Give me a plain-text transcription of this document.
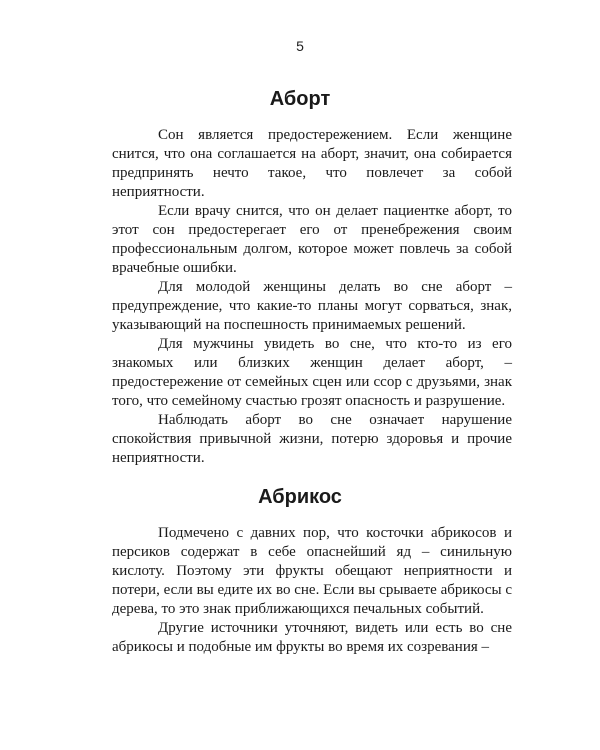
5
Аборт

Сон является предостережением. Если женщине снится, что она соглашается на аборт, значит, она собирается предпринять нечто такое, что повлечет за собой неприятности.

Если врачу снится, что он делает пациентке аборт, то этот сон предостерегает его от пренебрежения своим профессиональным долгом, которое может повлечь за собой врачебные ошибки.

Для молодой женщины делать во сне аборт – предупреждение, что какие-то планы могут сорваться, знак, указывающий на поспешность принимаемых решений.

Для мужчины увидеть во сне, что кто-то из его знакомых или близких женщин делает аборт, – предостережение от семейных сцен или ссор с друзьями, знак того, что семейному счастью грозят опасность и разрушение.

Наблюдать аборт во сне означает нарушение спокойствия привычной жизни, потерю здоровья и прочие неприятности.

Абрикос

Подмечено с давних пор, что косточки абрикосов и персиков содержат в себе опаснейший яд – синильную кислоту. Поэтому эти фрукты обещают неприятности и потери, если вы едите их во сне. Если вы срываете абрикосы с дерева, то это знак приближающихся печальных событий.

Другие источники уточняют, видеть или есть во сне абрикосы и подобные им фрукты во время их созревания –
